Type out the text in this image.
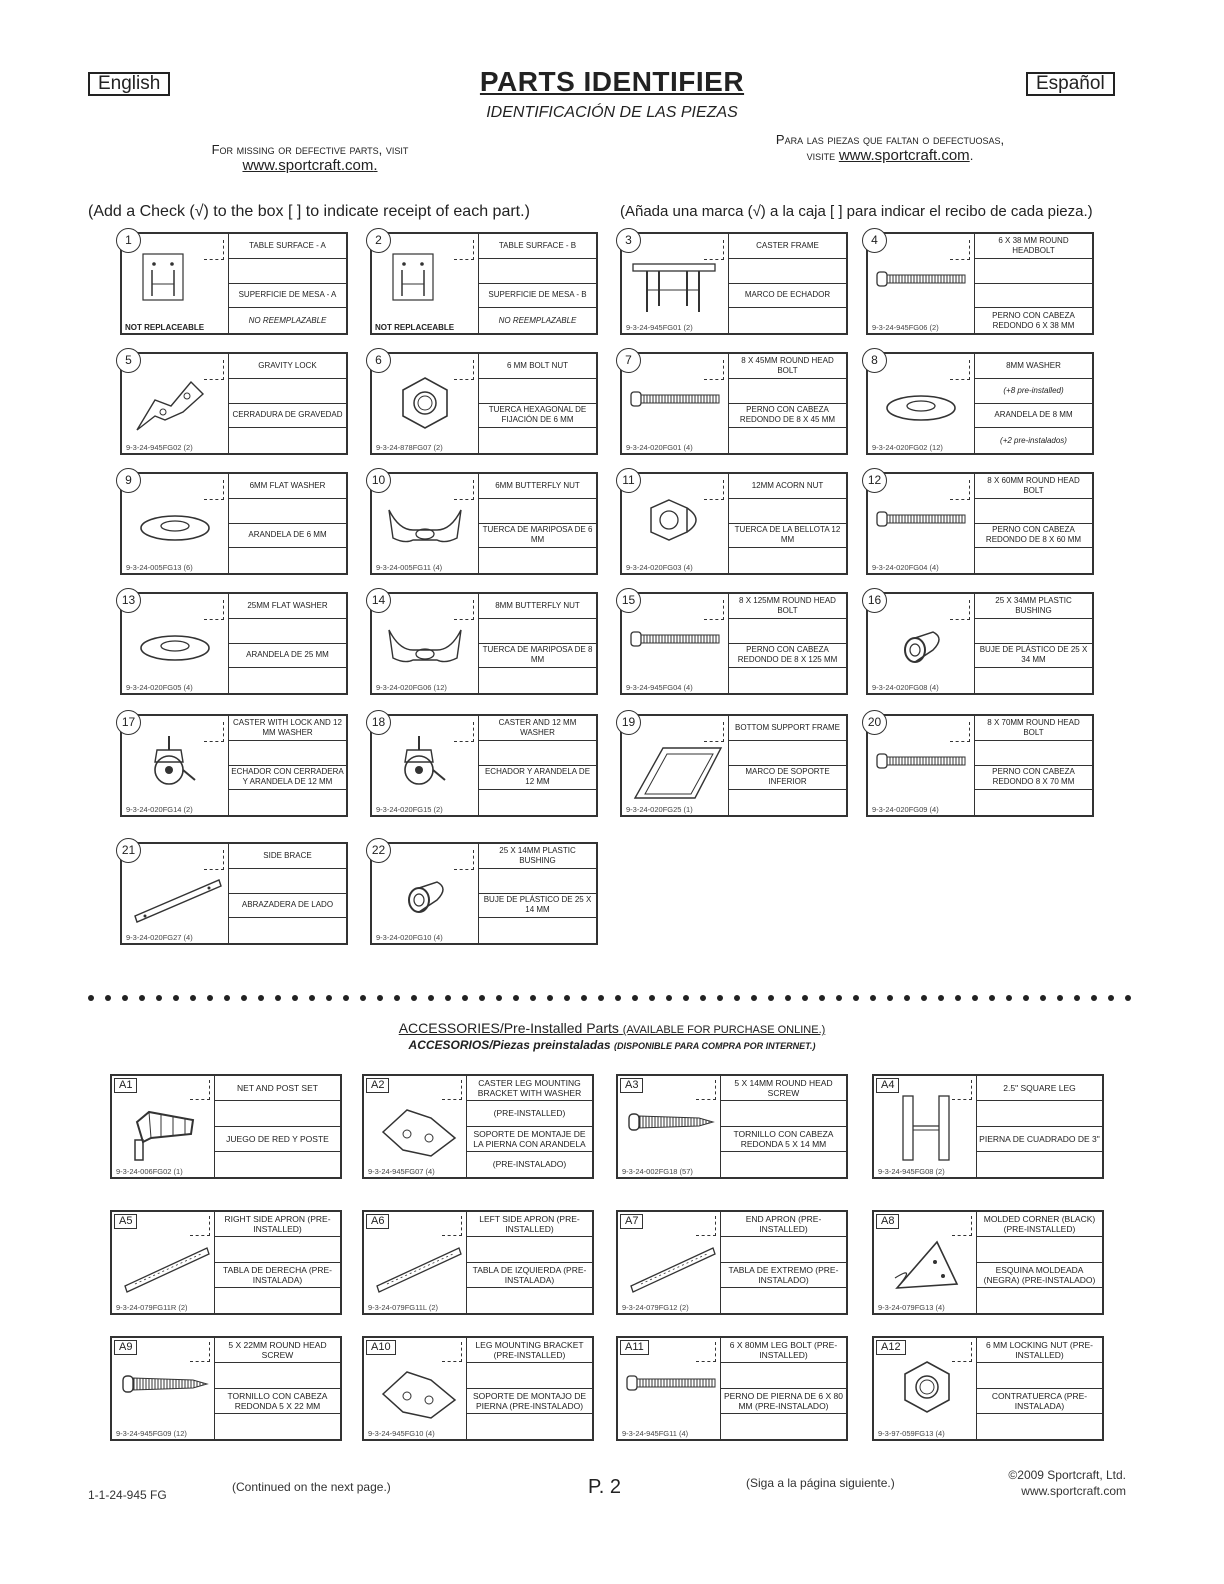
English	Español
PARTS IDENTIFIER
IDENTIFICACIÓN DE LAS PIEZAS
For missing or defective parts, visit
www.sportcraft.com.
Para las piezas que faltan o defectuosas,
visite www.sportcraft.com.
(Add a Check (√) to the box [ ] to indicate receipt of each part.)	(Añada una marca (√) a la caja [ ] para indicar el recibo de cada pieza.)
1
NOT REPLACEABLE
TABLE SURFACE - A
SUPERFICIE DE MESA - A
NO REEMPLAZABLE
2
NOT REPLACEABLE
TABLE SURFACE - B
SUPERFICIE DE MESA - B
NO REEMPLAZABLE
3
9-3-24-945FG01 (2)
CASTER FRAME
MARCO DE ECHADOR
4
9-3-24-945FG06 (2)
6 X 38 MM ROUND HEADBOLT
PERNO CON CABEZA REDONDO 6 X 38 MM
5
9-3-24-945FG02 (2)
GRAVITY LOCK
CERRADURA DE GRAVEDAD
6
9-3-24-878FG07 (2)
6 MM BOLT NUT
TUERCA HEXAGONAL DE FIJACIÓN DE 6 MM
7
9-3-24-020FG01 (4)
8 X 45MM ROUND HEAD BOLT
PERNO CON CABEZA REDONDO DE 8 X 45 MM
8
9-3-24-020FG02 (12)
8MM WASHER
(+8 pre-installed)
ARANDELA DE 8 MM
(+2 pre-instalados)
9
9-3-24-005FG13 (6)
6MM FLAT WASHER
ARANDELA DE 6 MM
10
9-3-24-005FG11 (4)
6MM BUTTERFLY NUT
TUERCA DE MARIPOSA DE 6 MM
11
9-3-24-020FG03 (4)
12MM ACORN NUT
TUERCA DE LA BELLOTA 12 MM
12
9-3-24-020FG04 (4)
8 X 60MM ROUND HEAD BOLT
PERNO CON CABEZA REDONDO DE 8 X 60 MM
13
9-3-24-020FG05 (4)
25MM FLAT WASHER
ARANDELA DE 25 MM
14
9-3-24-020FG06 (12)
8MM BUTTERFLY NUT
TUERCA DE MARIPOSA DE 8 MM
15
9-3-24-945FG04 (4)
8 X 125MM ROUND HEAD BOLT
PERNO CON CABEZA REDONDO DE 8 X 125 MM
16
9-3-24-020FG08 (4)
25 X 34MM PLASTIC BUSHING
BUJE DE PLÁSTICO DE 25 X 34 MM
17
9-3-24-020FG14 (2)
CASTER WITH LOCK AND 12 MM WASHER
ECHADOR CON CERRADERA Y ARANDELA DE 12 MM
18
9-3-24-020FG15 (2)
CASTER AND 12 MM WASHER
ECHADOR Y ARANDELA DE 12 MM
19
9-3-24-020FG25 (1)
BOTTOM SUPPORT FRAME
MARCO DE SOPORTE INFERIOR
20
9-3-24-020FG09 (4)
8 X 70MM ROUND HEAD BOLT
PERNO CON CABEZA REDONDO 8 X 70 MM
21
9-3-24-020FG27 (4)
SIDE BRACE
ABRAZADERA DE LADO
22
9-3-24-020FG10 (4)
25 X 14MM PLASTIC BUSHING
BUJE DE PLÁSTICO DE 25 X 14 MM
ACCESSORIES/Pre-Installed Parts (AVAILABLE FOR PURCHASE ONLINE.)
ACCESORIOS/Piezas preinstaladas (DISPONIBLE PARA COMPRA POR INTERNET.)
A1
9-3-24-006FG02 (1)
NET AND POST SET
JUEGO DE RED Y POSTE
A2
9-3-24-945FG07 (4)
CASTER LEG MOUNTING BRACKET WITH WASHER
(PRE-INSTALLED)
SOPORTE DE MONTAJE DE LA PIERNA CON ARANDELA
(PRE-INSTALADO)
A3
9-3-24-002FG18 (57)
5 X 14MM ROUND HEAD SCREW
TORNILLO CON CABEZA REDONDA 5 X 14 MM
A4
9-3-24-945FG08 (2)
2.5" SQUARE LEG
PIERNA DE CUADRADO DE 3"
A5
9-3-24-079FG11R (2)
RIGHT SIDE APRON (PRE-INSTALLED)
TABLA DE DERECHA (PRE-INSTALADA)
A6
9-3-24-079FG11L (2)
LEFT SIDE APRON (PRE-INSTALLED)
TABLA DE IZQUIERDA (PRE-INSTALADA)
A7
9-3-24-079FG12 (2)
END APRON (PRE-INSTALLED)
TABLA DE EXTREMO (PRE-INSTALADO)
A8
9-3-24-079FG13 (4)
MOLDED CORNER (BLACK) (PRE-INSTALLED)
ESQUINA MOLDEADA (NEGRA) (PRE-INSTALADO)
A9
9-3-24-945FG09 (12)
5 X 22MM ROUND HEAD SCREW
TORNILLO CON CABEZA REDONDA 5 X 22 MM
A10
9-3-24-945FG10 (4)
LEG MOUNTING BRACKET (PRE-INSTALLED)
SOPORTE DE MONTAJO DE PIERNA (PRE-INSTALADO)
A11
9-3-24-945FG11 (4)
6 X 80MM LEG BOLT (PRE-INSTALLED)
PERNO DE PIERNA DE 6 X 80 MM (PRE-INSTALADO)
A12
9-3-97-059FG13 (4)
6 MM LOCKING NUT (PRE-INSTALLED)
CONTRATUERCA (PRE-INSTALADA)
1-1-24-945 FG
(Continued on the next page.)	P. 2	(Siga a la página siguiente.)
©2009 Sportcraft, Ltd.
www.sportcraft.com
